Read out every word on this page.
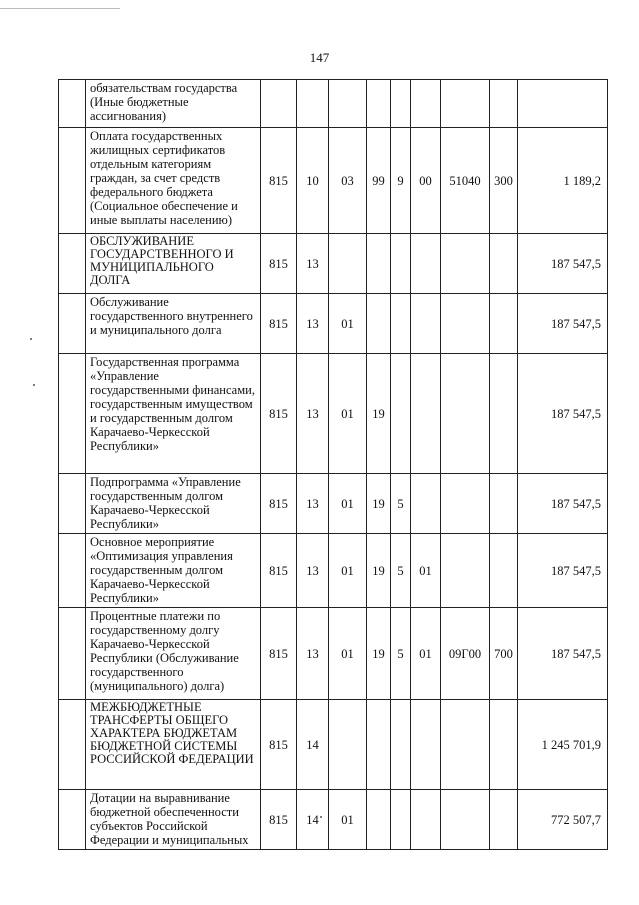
147
	обязательствам государства (Иные бюджетные ассигнования)									
	Оплата государственных жилищных сертификатов отдельным категориям граждан, за счет средств федерального бюджета (Социальное обеспечение и иные выплаты населению)	815	10	03	99	9	00	51040	300	1 189,2
	ОБСЛУЖИВАНИЕ ГОСУДАРСТВЕННОГО И МУНИЦИПАЛЬНОГО ДОЛГА	815	13							187 547,5
	Обслуживание государственного внутреннего и муниципального долга	815	13	01						187 547,5
	Государственная программа «Управление государственными финансами, государственным имуществом и государственным долгом Карачаево-Черкесской Республики»	815	13	01	19					187 547,5
	Подпрограмма «Управление государственным долгом Карачаево-Черкесской Республики»	815	13	01	19	5				187 547,5
	Основное мероприятие «Оптимизация управления государственным долгом Карачаево-Черкесской Республики»	815	13	01	19	5	01			187 547,5
	Процентные платежи по государственному долгу Карачаево-Черкесской Республики (Обслуживание государственного (муниципального) долга)	815	13	01	19	5	01	09Г00	700	187 547,5
	МЕЖБЮДЖЕТНЫЕ ТРАНСФЕРТЫ ОБЩЕГО ХАРАКТЕРА БЮДЖЕТАМ БЮДЖЕТНОЙ СИСТЕМЫ РОССИЙСКОЙ ФЕДЕРАЦИИ	815	14							1 245 701,9
	Дотации на выравнивание бюджетной обеспеченности субъектов Российской Федерации и муниципальных	815	14	01						772 507,7
